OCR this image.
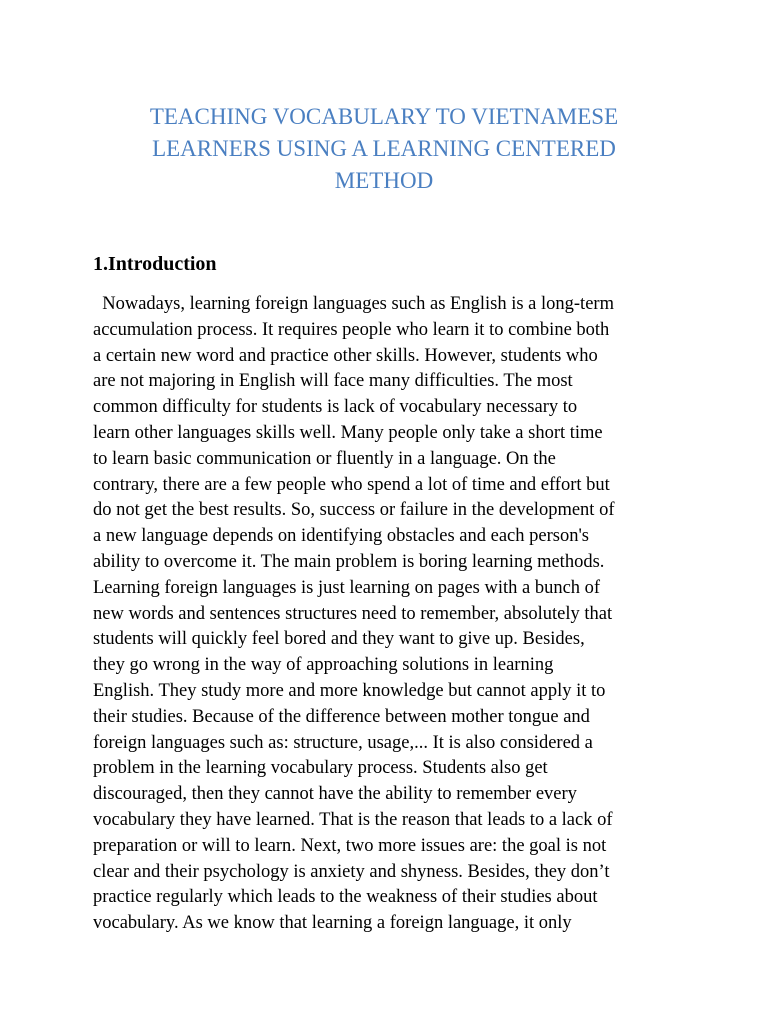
TEACHING VOCABULARY TO VIETNAMESE
LEARNERS USING A LEARNING CENTERED
METHOD
1.Introduction
Nowadays, learning foreign languages such as English is a long-term
accumulation process. It requires people who learn it to combine both
a certain new word and practice other skills. However, students who
are not majoring in English will face many difficulties. The most
common difficulty for students is lack of vocabulary necessary to
learn other languages skills well. Many people only take a short time
to learn basic communication or fluently in a language. On the
contrary, there are a few people who spend a lot of time and effort but
do not get the best results. So, success or failure in the development of
a new language depends on identifying obstacles and each person's
ability to overcome it. The main problem is boring learning methods.
Learning foreign languages is just learning on pages with a bunch of
new words and sentences structures need to remember, absolutely that
students will quickly feel bored and they want to give up. Besides,
they go wrong in the way of approaching solutions in learning
English. They study more and more knowledge but cannot apply it to
their studies. Because of the difference between mother tongue and
foreign languages such as: structure, usage,... It is also considered a
problem in the learning vocabulary process. Students also get
discouraged, then they cannot have the ability to remember every
vocabulary they have learned. That is the reason that leads to a lack of
preparation or will to learn. Next, two more issues are: the goal is not
clear and their psychology is anxiety and shyness. Besides, they don’t
practice regularly which leads to the weakness of their studies about
vocabulary. As we know that learning a foreign language, it only
